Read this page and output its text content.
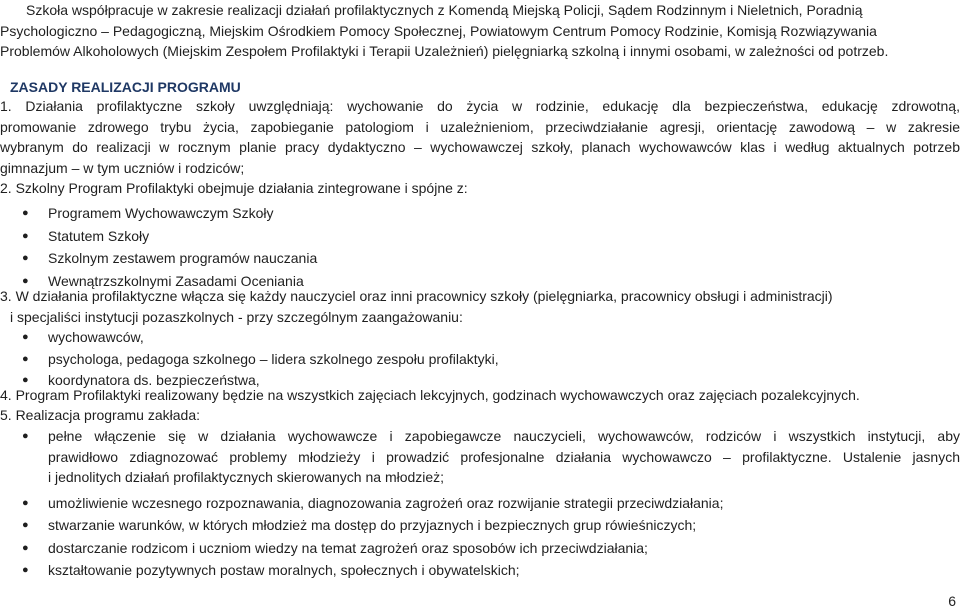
Szkoła współpracuje w zakresie realizacji działań profilaktycznych z Komendą Miejską Policji, Sądem Rodzinnym i Nieletnich, Poradnią
Psychologiczno – Pedagogiczną, Miejskim Ośrodkiem Pomocy Społecznej, Powiatowym Centrum Pomocy Rodzinie, Komisją Rozwiązywania
Problemów Alkoholowych (Miejskim Zespołem Profilaktyki i Terapii Uzależnień) pielęgniarką szkolną i innymi osobami, w zależności od potrzeb.
ZASADY REALIZACJI PROGRAMU
1. Działania profilaktyczne szkoły uwzględniają: wychowanie do życia w rodzinie, edukację dla bezpieczeństwa, edukację zdrowotną,
promowanie zdrowego trybu życia, zapobieganie patologiom i uzależnieniom, przeciwdziałanie agresji, orientację zawodową – w zakresie
wybranym do realizacji w rocznym planie pracy dydaktyczno – wychowawczej szkoły, planach wychowawców klas i według aktualnych potrzeb
gimnazjum – w tym uczniów i rodziców;
2. Szkolny Program Profilaktyki obejmuje działania zintegrowane i spójne z:
● Programem Wychowawczym Szkoły
● Statutem Szkoły
● Szkolnym zestawem programów nauczania
● Wewnątrzszkolnymi Zasadami Oceniania
3. W działania profilaktyczne włącza się każdy nauczyciel oraz inni pracownicy szkoły (pielęgniarka, pracownicy obsługi i administracji)
i specjaliści instytucji pozaszkolnych - przy szczególnym zaangażowaniu:
● wychowawców,
● psychologa, pedagoga szkolnego – lidera szkolnego zespołu profilaktyki,
● koordynatora ds. bezpieczeństwa,
4. Program Profilaktyki realizowany będzie na wszystkich zajęciach lekcyjnych, godzinach wychowawczych oraz zajęciach pozalekcyjnych.
5. Realizacja programu zakłada:
● pełne włączenie się w działania wychowawcze i zapobiegawcze nauczycieli, wychowawców, rodziców i wszystkich instytucji, aby
prawidłowo zdiagnozować problemy młodzieży i prowadzić profesjonalne działania wychowawczo – profilaktyczne. Ustalenie jasnych
i jednolitych działań profilaktycznych skierowanych na młodzież;
● umożliwienie wczesnego rozpoznawania, diagnozowania zagrożeń oraz rozwijanie strategii przeciwdziałania;
● stwarzanie warunków, w których młodzież ma dostęp do przyjaznych i bezpiecznych grup rówieśniczych;
● dostarczanie rodzicom i uczniom wiedzy na temat zagrożeń oraz sposobów ich przeciwdziałania;
● kształtowanie pozytywnych postaw moralnych, społecznych i obywatelskich;
6
